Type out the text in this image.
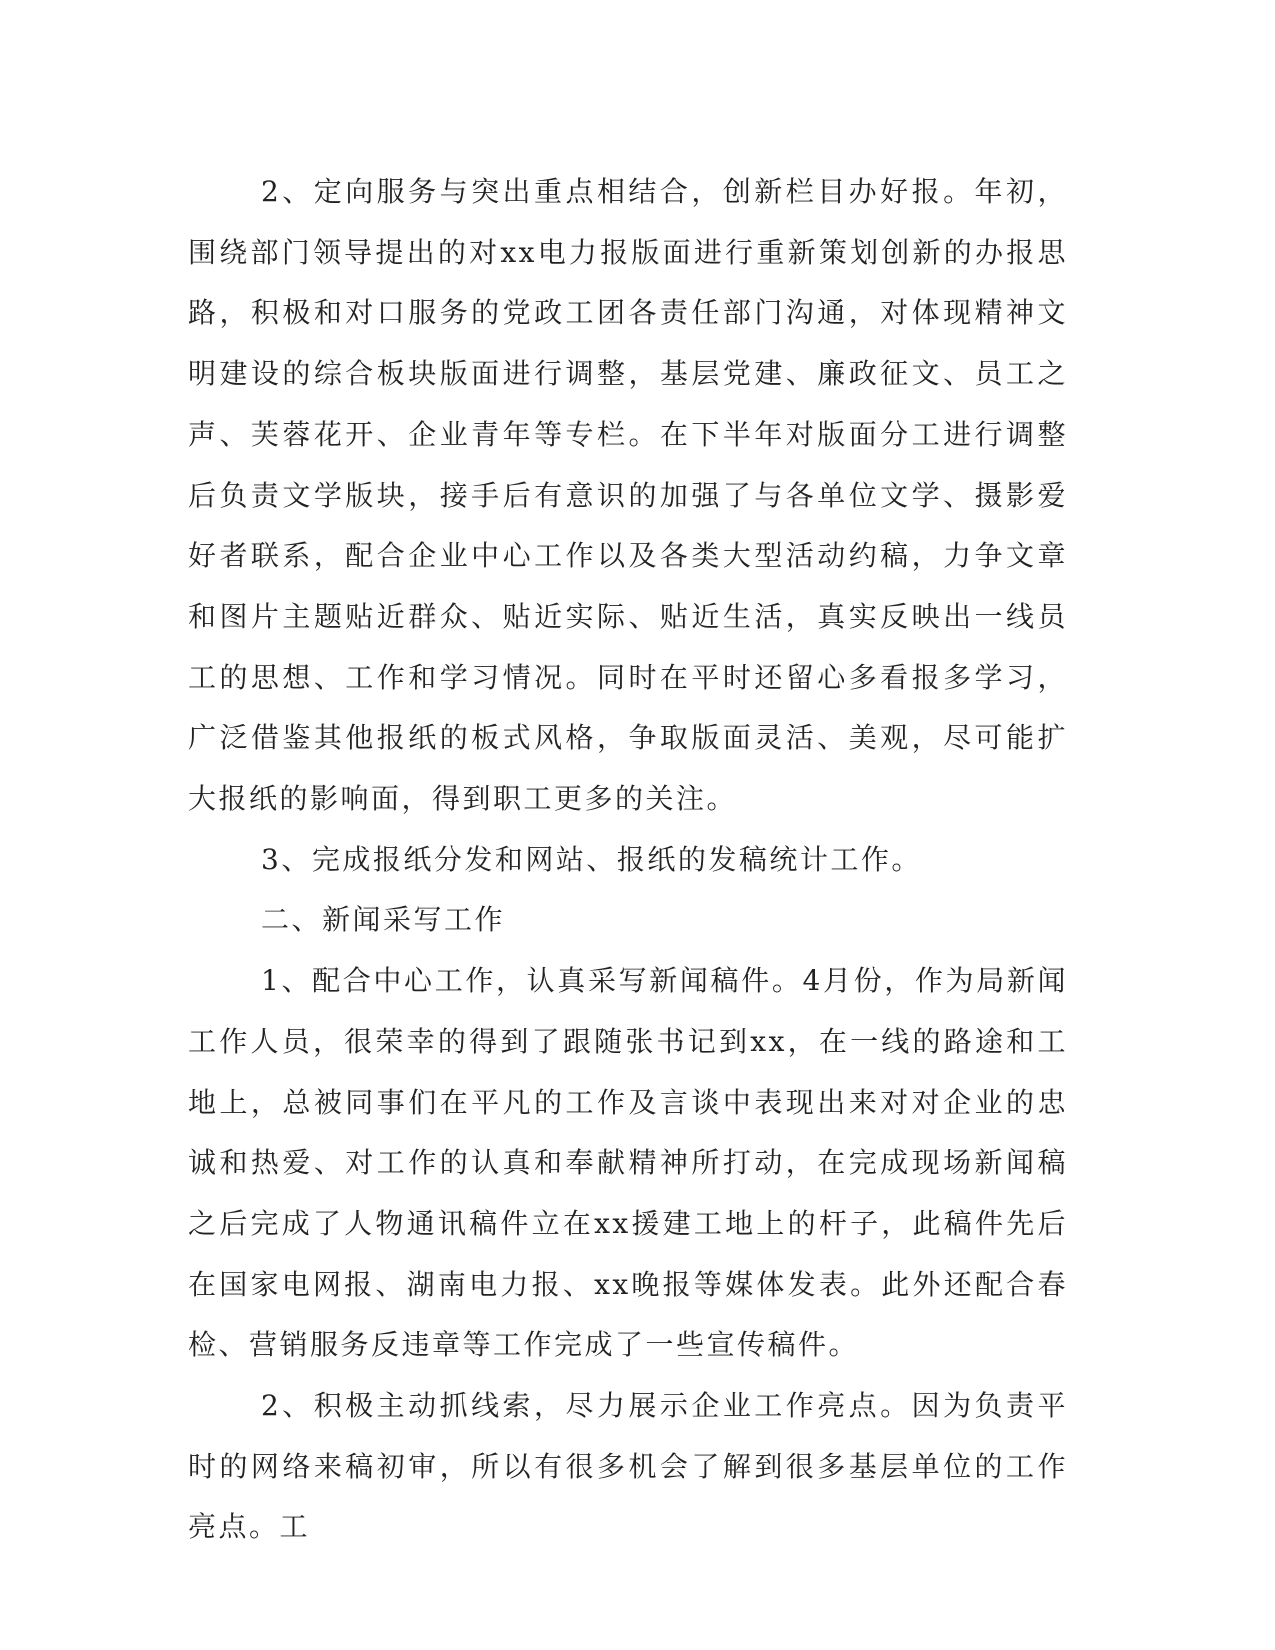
2、定向服务与突出重点相结合，创新栏目办好报。年初，围绕部门领导提出的对xx电力报版面进行重新策划创新的办报思路，积极和对口服务的党政工团各责任部门沟通，对体现精神文明建设的综合板块版面进行调整，基层党建、廉政征文、员工之声、芙蓉花开、企业青年等专栏。在下半年对版面分工进行调整后负责文学版块，接手后有意识的加强了与各单位文学、摄影爱好者联系，配合企业中心工作以及各类大型活动约稿，力争文章和图片主题贴近群众、贴近实际、贴近生活，真实反映出一线员工的思想、工作和学习情况。同时在平时还留心多看报多学习，广泛借鉴其他报纸的板式风格，争取版面灵活、美观，尽可能扩大报纸的影响面，得到职工更多的关注。

3、完成报纸分发和网站、报纸的发稿统计工作。

二、新闻采写工作

1、配合中心工作，认真采写新闻稿件。4月份，作为局新闻工作人员，很荣幸的得到了跟随张书记到xx，在一线的路途和工地上，总被同事们在平凡的工作及言谈中表现出来对对企业的忠诚和热爱、对工作的认真和奉献精神所打动，在完成现场新闻稿之后完成了人物通讯稿件立在xx援建工地上的杆子，此稿件先后在国家电网报、湖南电力报、xx晚报等媒体发表。此外还配合春检、营销服务反违章等工作完成了一些宣传稿件。

2、积极主动抓线索，尽力展示企业工作亮点。因为负责平时的网络来稿初审，所以有很多机会了解到很多基层单位的工作亮点。工
